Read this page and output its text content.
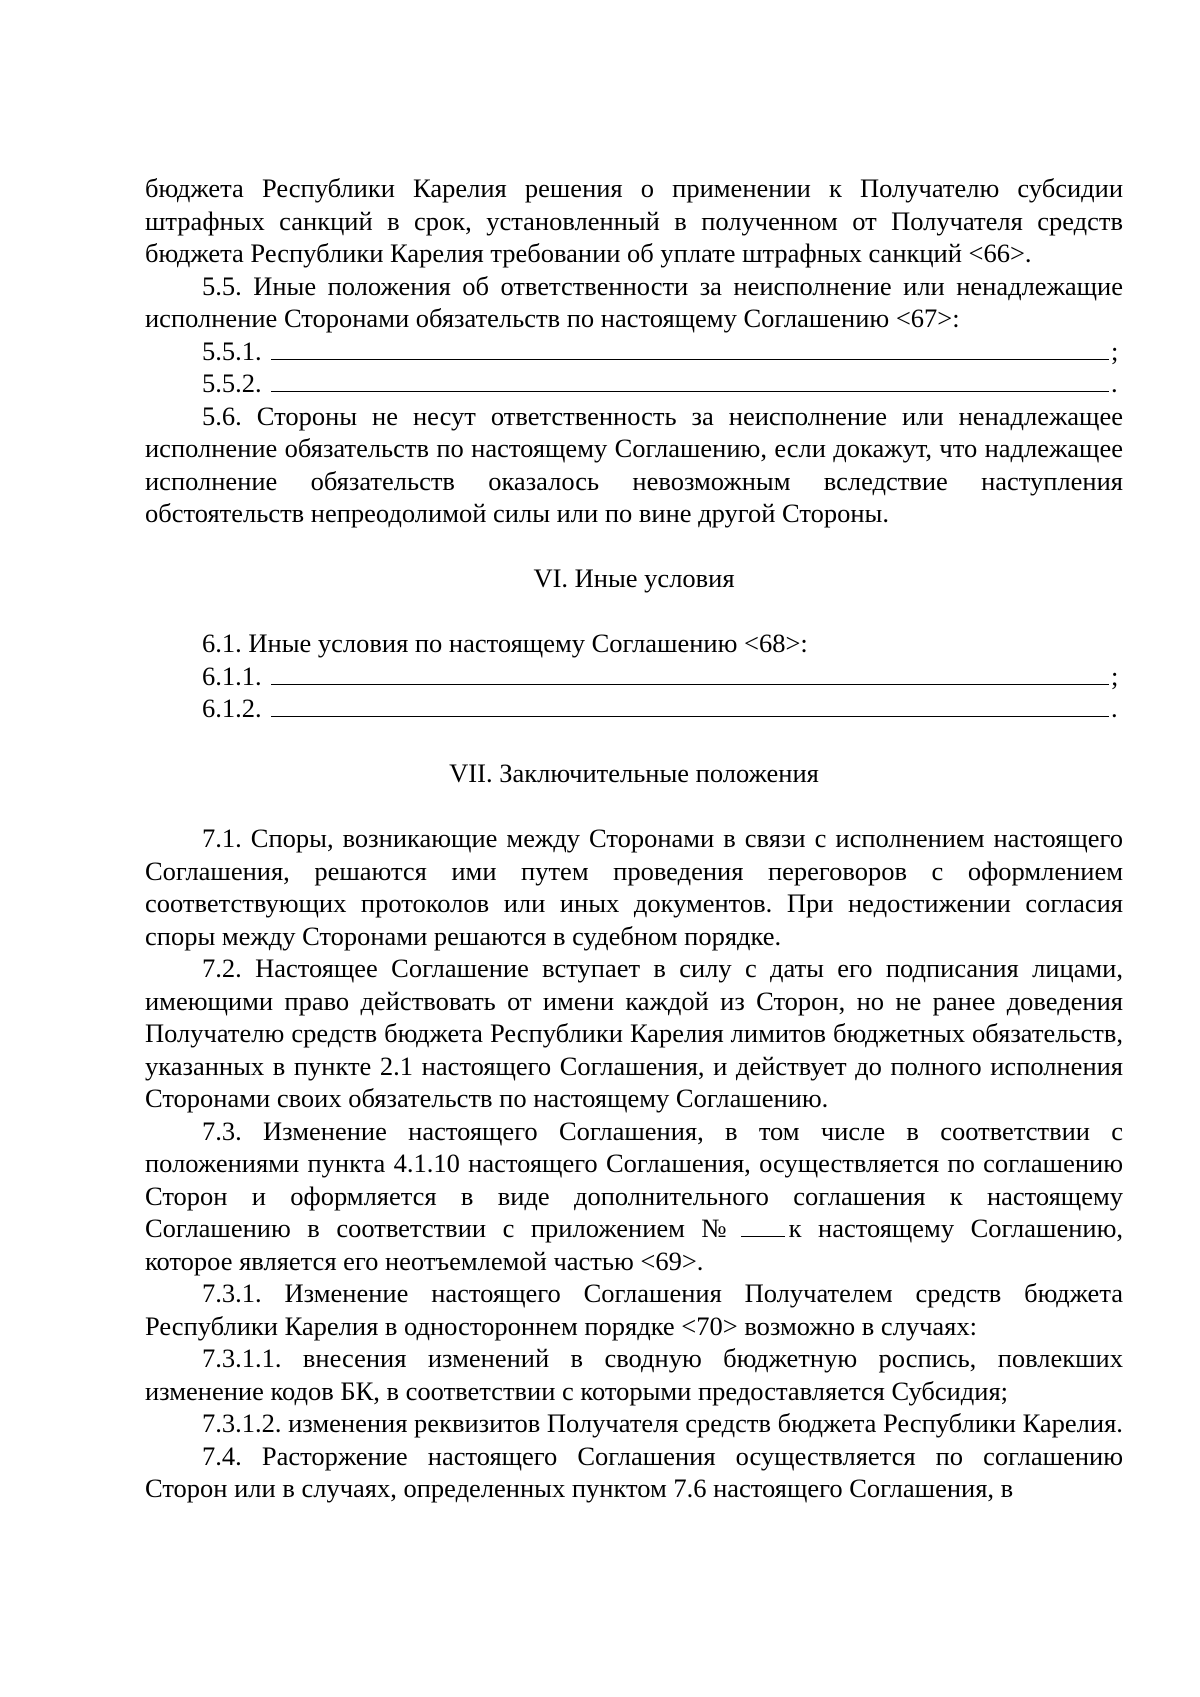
бюджета Республики Карелия решения о применении к Получателю субсидии штрафных санкций в срок, установленный в полученном от Получателя средств бюджета Республики Карелия требовании об уплате штрафных санкций <66>.

5.5. Иные положения об ответственности за неисполнение или ненадлежащие исполнение Сторонами обязательств по настоящему Соглашению <67>:

5.5.1.	;
5.5.2.	.

5.6. Стороны не несут ответственность за неисполнение или ненадлежащее исполнение обязательств по настоящему Соглашению, если докажут, что надлежащее исполнение обязательств оказалось невозможным вследствие наступления обстоятельств непреодолимой силы или по вине другой Стороны.

VI. Иные условия

6.1. Иные условия по настоящему Соглашению <68>:

6.1.1.	;
6.1.2.	.

VII. Заключительные положения

7.1. Споры, возникающие между Сторонами в связи с исполнением настоящего Соглашения, решаются ими путем проведения переговоров с оформлением соответствующих протоколов или иных документов. При недостижении согласия споры между Сторонами решаются в судебном порядке.

7.2. Настоящее Соглашение вступает в силу с даты его подписания лицами, имеющими право действовать от имени каждой из Сторон, но не ранее доведения Получателю средств бюджета Республики Карелия лимитов бюджетных обязательств, указанных в пункте 2.1 настоящего Соглашения, и действует до полного исполнения Сторонами своих обязательств по настоящему Соглашению.

7.3. Изменение настоящего Соглашения, в том числе в соответствии с положениями пункта 4.1.10 настоящего Соглашения, осуществляется по соглашению Сторон и оформляется в виде дополнительного соглашения к настоящему Соглашению в соответствии с приложением № к настоящему Соглашению, которое является его неотъемлемой частью <69>.

7.3.1. Изменение настоящего Соглашения Получателем средств бюджета Республики Карелия в одностороннем порядке <70> возможно в случаях:

7.3.1.1. внесения изменений в сводную бюджетную роспись, повлекших изменение кодов БК, в соответствии с которыми предоставляется Субсидия;

7.3.1.2. изменения реквизитов Получателя средств бюджета Республики Карелия.

7.4. Расторжение настоящего Соглашения осуществляется по соглашению Сторон или в случаях, определенных пунктом 7.6 настоящего Соглашения, в
